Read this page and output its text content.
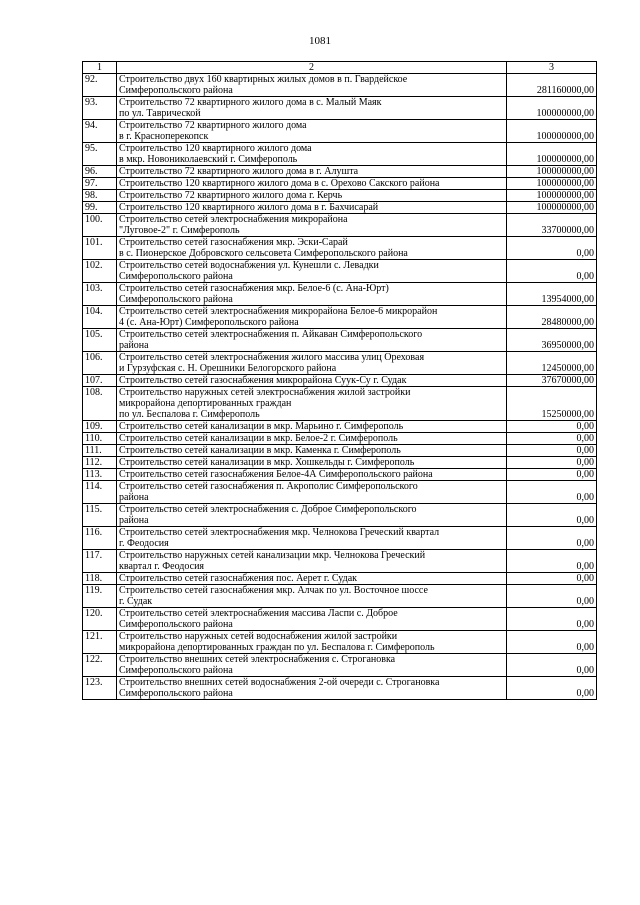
1081
1	2	3
92.	Строительство двух 160 квартирных жилых домов в п. Гвардейское
Симферопольского района	281160000,00
93.	Строительство 72 квартирного жилого дома в с. Малый Маяк
по ул. Таврической	100000000,00
94.	Строительство 72 квартирного жилого дома
в г. Красноперекопск	100000000,00
95.	Строительство 120 квартирного жилого дома
в мкр. Новониколаевский г. Симферополь	100000000,00
96.	Строительство 72 квартирного жилого дома в г. Алушта	100000000,00
97.	Строительство 120 квартирного жилого дома в с. Орехово Сакского района	100000000,00
98.	Строительство 72 квартирного жилого дома г. Керчь	100000000,00
99.	Строительство 120 квартирного жилого дома в г. Бахчисарай	100000000,00
100.	Строительство сетей электроснабжения микрорайона
"Луговое-2" г. Симферополь	33700000,00
101.	Строительство сетей газоснабжения мкр. Эски-Сарай
в с. Пионерское Добровского сельсовета Симферопольского района	0,00
102.	Строительство сетей водоснабжения ул. Кунешли с. Левадки
Симферопольского района	0,00
103.	Строительство сетей газоснабжения мкр. Белое-6 (с. Ана-Юрт)
Симферопольского района	13954000,00
104.	Строительство сетей электроснабжения микрорайона Белое-6 микрорайон
4 (с. Ана-Юрт) Симферопольского района	28480000,00
105.	Строительство сетей электроснабжения п. Айкаван Симферопольского
района	36950000,00
106.	Строительство сетей электроснабжения жилого массива улиц Ореховая
и Гурзуфская с. Н. Орешники Белогорского района	12450000,00
107.	Строительство сетей газоснабжения микрорайона Суук-Су г. Судак	37670000,00
108.	Строительство наружных сетей электроснабжения жилой застройки
микрорайона депортированных граждан
по ул. Беспалова г. Симферополь	15250000,00
109.	Строительство сетей канализации в мкр. Марьино г. Симферополь	0,00
110.	Строительство сетей канализации в мкр. Белое-2 г. Симферополь	0,00
111.	Строительство сетей канализации в мкр. Каменка г. Симферополь	0,00
112.	Строительство сетей канализации в мкр. Хошкельды г. Симферополь	0,00
113.	Строительство сетей газоснабжения Белое-4А Симферопольского района	0,00
114.	Строительство сетей газоснабжения п. Акрополис Симферопольского
района	0,00
115.	Строительство сетей электроснабжения с. Доброе Симферопольского
района	0,00
116.	Строительство сетей электроснабжения мкр. Челнокова Греческий квартал
г. Феодосия	0,00
117.	Строительство наружных сетей канализации мкр. Челнокова Греческий
квартал г. Феодосия	0,00
118.	Строительство сетей газоснабжения пос. Аерет г. Судак	0,00
119.	Строительство сетей газоснабжения мкр. Алчак по ул. Восточное шоссе
г. Судак	0,00
120.	Строительство сетей электроснабжения массива Ласпи с. Доброе
Симферопольского района	0,00
121.	Строительство наружных сетей водоснабжения жилой застройки
микрорайона депортированных граждан по ул. Беспалова г. Симферополь	0,00
122.	Строительство внешних сетей электроснабжения с. Строгановка
Симферопольского района	0,00
123.	Строительство внешних сетей водоснабжения 2-ой очереди с. Строгановка
Симферопольского района	0,00
